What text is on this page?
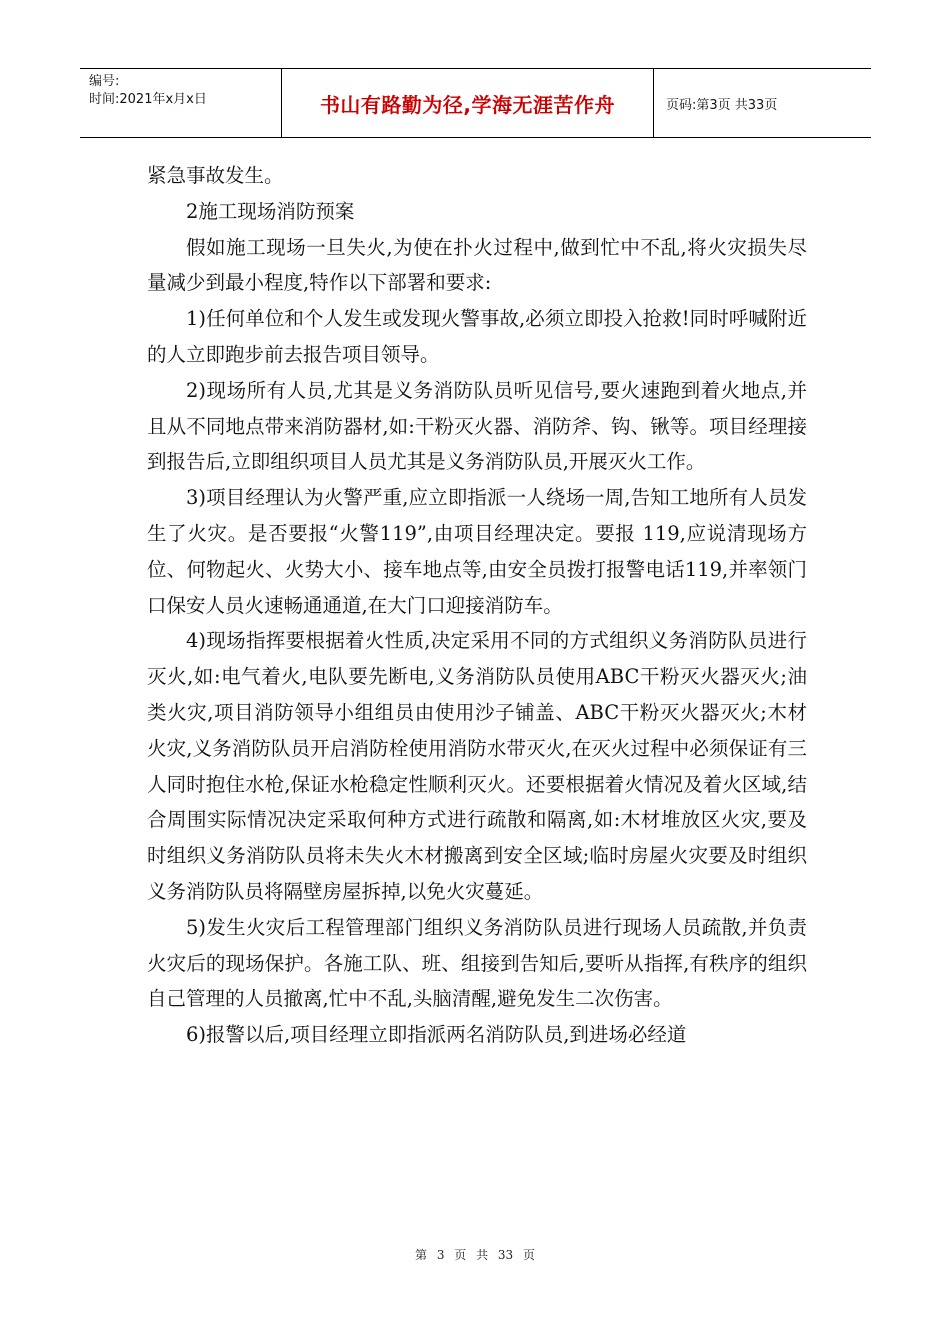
编号:
时间:2021年x月x日	书山有路勤为径,学海无涯苦作舟	页码:第3页 共33页

紧急事故发生。

2施工现场消防预案

假如施工现场一旦失火,为使在扑火过程中,做到忙中不乱,将火灾损失尽量减少到最小程度,特作以下部署和要求:

1)任何单位和个人发生或发现火警事故,必须立即投入抢救!同时呼喊附近的人立即跑步前去报告项目领导。

2)现场所有人员,尤其是义务消防队员听见信号,要火速跑到着火地点,并且从不同地点带来消防器材,如:干粉灭火器、消防斧、钩、锹等。项目经理接到报告后,立即组织项目人员尤其是义务消防队员,开展灭火工作。

3)项目经理认为火警严重,应立即指派一人绕场一周,告知工地所有人员发生了火灾。是否要报“火警119”,由项目经理决定。要报 119,应说清现场方位、何物起火、火势大小、接车地点等,由安全员拨打报警电话119,并率领门口保安人员火速畅通通道,在大门口迎接消防车。

4)现场指挥要根据着火性质,决定采用不同的方式组织义务消防队员进行灭火,如:电气着火,电队要先断电,义务消防队员使用ABC干粉灭火器灭火;油类火灾,项目消防领导小组组员由使用沙子铺盖、ABC干粉灭火器灭火;木材火灾,义务消防队员开启消防栓使用消防水带灭火,在灭火过程中必须保证有三人同时抱住水枪,保证水枪稳定性顺利灭火。还要根据着火情况及着火区域,结合周围实际情况决定采取何种方式进行疏散和隔离,如:木材堆放区火灾,要及时组织义务消防队员将未失火木材搬离到安全区域;临时房屋火灾要及时组织义务消防队员将隔壁房屋拆掉,以免火灾蔓延。

5)发生火灾后工程管理部门组织义务消防队员进行现场人员疏散,并负责火灾后的现场保护。各施工队、班、组接到告知后,要听从指挥,有秩序的组织自己管理的人员撤离,忙中不乱,头脑清醒,避免发生二次伤害。

6)报警以后,项目经理立即指派两名消防队员,到进场必经道

第 3 页 共 33 页
